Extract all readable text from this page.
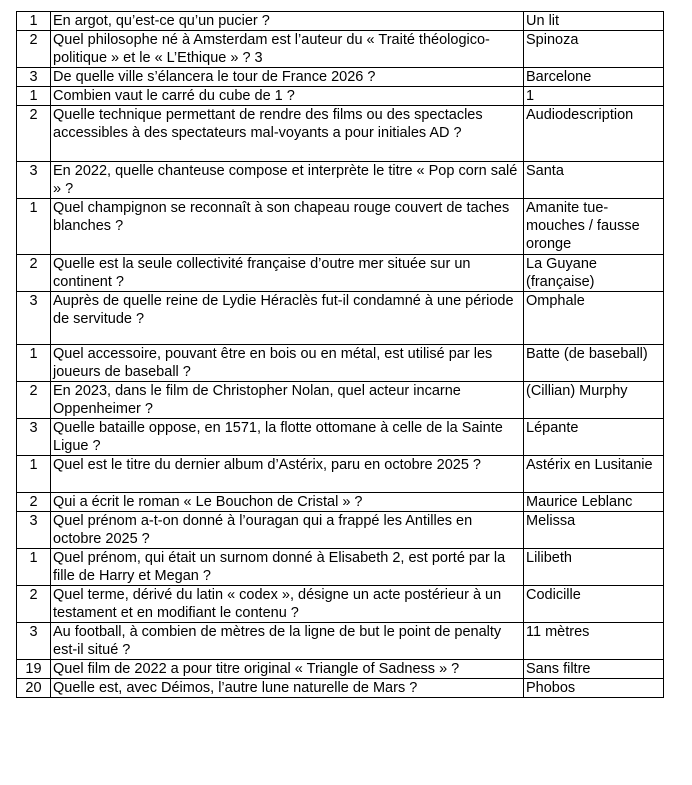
1	En argot, qu’est-ce qu’un pucier ?	Un lit
2	Quel philosophe né à Amsterdam est l’auteur du « Traité théologico-politique » et le « L’Ethique » ? 3	Spinoza
3	De quelle ville s’élancera le tour de France 2026 ?	Barcelone
1	Combien vaut le carré du cube de 1 ?	1
2	Quelle technique permettant de rendre des films ou des spectacles accessibles à des spectateurs mal-voyants a pour initiales AD ?	Audiodescription
3	En 2022, quelle chanteuse compose et interprète le titre « Pop corn salé » ?	Santa
1	Quel champignon se reconnaît à son chapeau rouge couvert de taches blanches ?	Amanite tue-mouches / fausse oronge
2	Quelle est la seule collectivité française d’outre mer située sur un continent ?	La Guyane (française)
3	Auprès de quelle reine de Lydie Héraclès fut-il condamné à une période de servitude ?	Omphale
1	Quel accessoire, pouvant être en bois ou en métal, est utilisé par les joueurs de baseball ?	Batte (de baseball)
2	En 2023, dans le film de Christopher Nolan, quel acteur incarne Oppenheimer ?	(Cillian) Murphy
3	Quelle bataille oppose, en 1571, la flotte ottomane à celle de la Sainte Ligue ?	Lépante
1	Quel est le titre du dernier album d’Astérix, paru en octobre 2025 ?	Astérix en Lusitanie
2	Qui a écrit le roman « Le Bouchon de Cristal » ?	Maurice Leblanc
3	Quel prénom a-t-on donné à l’ouragan qui a frappé les Antilles en octobre 2025 ?	Melissa
1	Quel prénom, qui était un surnom donné à Elisabeth 2, est porté par la fille de Harry et Megan ?	Lilibeth
2	Quel terme, dérivé du latin « codex », désigne un acte postérieur à un testament et en modifiant le contenu ?	Codicille
3	Au football, à combien de mètres de la ligne de but le point de penalty est-il situé ?	11 mètres
19	Quel film de 2022 a pour titre original « Triangle of Sadness » ?	Sans filtre
20	Quelle est, avec Déimos, l’autre lune naturelle de Mars ?	Phobos
